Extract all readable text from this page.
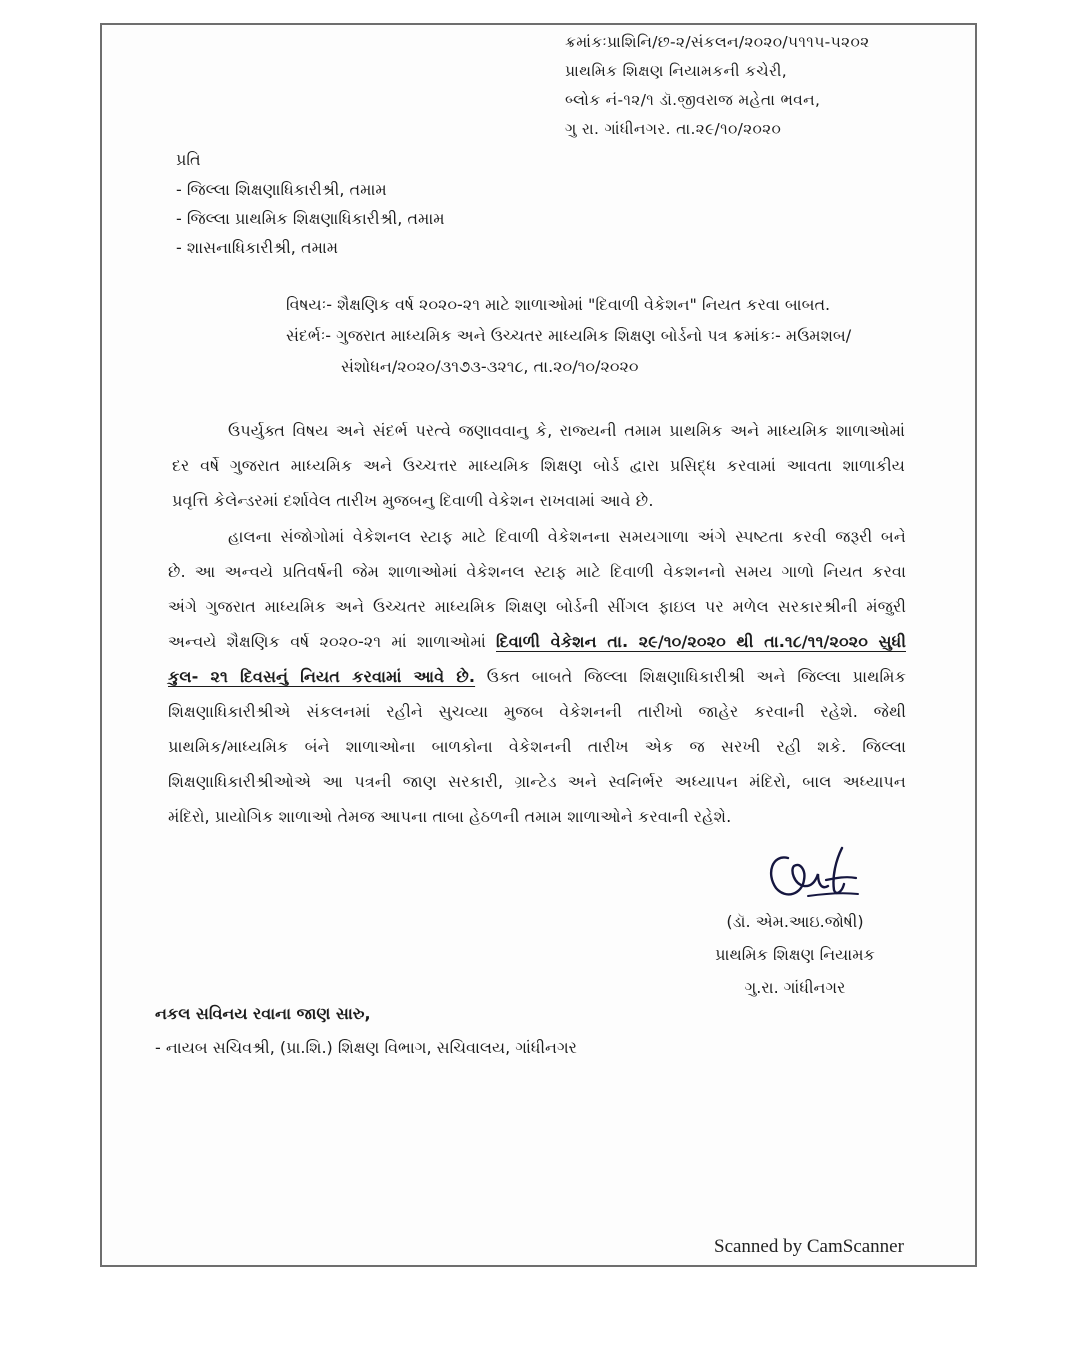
ક્રમાંકઃપ્રાશિનિ/છ-૨/સંકલન/૨૦૨૦/૫૧૧૫-૫૨૦૨
પ્રાથમિક શિક્ષણ નિયામકની કચેરી,
બ્લોક નં-૧૨/૧ ડૉ.જીવરાજ મહેતા ભવન,
ગુ રા. ગાંધીનગર. તા.૨૯/૧૦/૨૦૨૦
પ્રતિ
- જિલ્લા શિક્ષણાધિકારીશ્રી, તમામ
- જિલ્લા પ્રાથમિક શિક્ષણાધિકારીશ્રી, તમામ
- શાસનાધિકારીશ્રી, તમામ
વિષયઃ- શૈક્ષણિક વર્ષ ૨૦૨૦-૨૧ માટે શાળાઓમાં "દિવાળી વેકેશન" નિયત કરવા બાબત.
સંદર્ભઃ- ગુજરાત માધ્યમિક અને ઉચ્ચતર માધ્યમિક શિક્ષણ બોર્ડનો પત્ર ક્રમાંકઃ- મઉમશબ/
સંશોધન/૨૦૨૦/૩૧૭૩-૩૨૧૮, તા.૨૦/૧૦/૨૦૨૦
ઉપર્યુક્ત વિષય અને સંદર્ભ પરત્વે જણાવવાનુ કે, રાજ્યની તમામ પ્રાથમિક અને માધ્યમિક શાળાઓમાં
દર વર્ષે ગુજરાત માધ્યમિક અને ઉચ્ચત્તર માધ્યમિક શિક્ષણ બોર્ડ દ્વારા પ્રસિદ્ધ કરવામાં આવતા શાળાકીય
પ્રવૃત્તિ કેલેન્ડરમાં દર્શાવેલ તારીખ મુજબનુ દિવાળી વેકેશન રાખવામાં આવે છે.
હાલના સંજોગોમાં વેકેશનલ સ્ટાફ માટે દિવાળી વેકેશનના સમયગાળા અંગે સ્પષ્ટતા કરવી જરૂરી બને
છે. આ અન્વયે પ્રતિવર્ષની જેમ શાળાઓમાં વેકેશનલ સ્ટાફ માટે દિવાળી વેકશનનો સમય ગાળો નિયત કરવા
અંગે ગુજરાત માધ્યમિક અને ઉચ્ચતર માધ્યમિક શિક્ષણ બોર્ડની સીંગલ ફાઇલ પર મળેલ સરકારશ્રીની મંજુરી
અન્વયે શૈક્ષણિક વર્ષ ૨૦૨૦-૨૧ માં શાળાઓમાં દિવાળી વેકેશન તા. ૨૯/૧૦/૨૦૨૦ થી તા.૧૮/૧૧/૨૦૨૦ સુધી
કુલ- ૨૧ દિવસનું નિયત કરવામાં આવે છે. ઉક્ત બાબતે જિલ્લા શિક્ષણાધિકારીશ્રી અને જિલ્લા પ્રાથમિક
શિક્ષણાધિકારીશ્રીએ સંકલનમાં રહીને સુચવ્યા મુજબ વેકેશનની તારીખો જાહેર કરવાની રહેશે. જેથી
પ્રાથમિક/માધ્યમિક બંને શાળાઓના બાળકોના વેકેશનની તારીખ એક જ સરખી રહી શકે. જિલ્લા
શિક્ષણાધિકારીશ્રીઓએ આ પત્રની જાણ સરકારી, ગ્રાન્ટેડ અને સ્વનિર્ભર અધ્યાપન મંદિરો, બાલ અધ્યાપન
મંદિરો, પ્રાયોગિક શાળાઓ તેમજ આપના તાબા હેઠળની તમામ શાળાઓને કરવાની રહેશે.
(ડૉ. એમ.આઇ.જોષી)
પ્રાથમિક શિક્ષણ નિયામક
ગુ.રા. ગાંધીનગર
નકલ સવિનય રવાના જાણ સારુ,
- નાયબ સચિવશ્રી, (પ્રા.શિ.) શિક્ષણ વિભાગ, સચિવાલય, ગાંધીનગર
Scanned by CamScanner
